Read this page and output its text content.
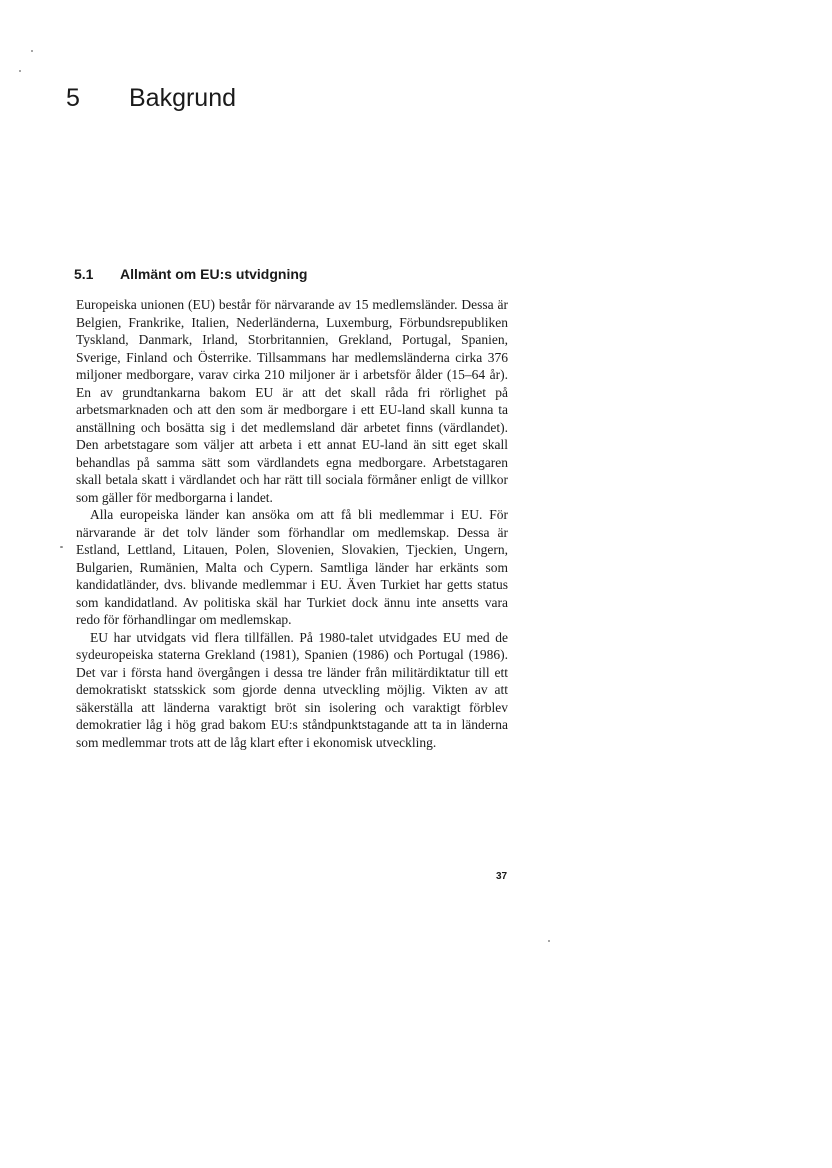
5 Bakgrund
5.1 Allmänt om EU:s utvidgning

Europeiska unionen (EU) består för närvarande av 15 medlemsländer. Dessa är Belgien, Frankrike, Italien, Nederländerna, Luxemburg, Förbundsrepubliken Tyskland, Danmark, Irland, Storbritannien, Grekland, Portugal, Spanien, Sverige, Finland och Österrike. Tillsammans har medlemsländerna cirka 376 miljoner medborgare, varav cirka 210 miljoner är i arbetsför ålder (15–64 år). En av grundtankarna bakom EU är att det skall råda fri rörlighet på arbetsmarknaden och att den som är medborgare i ett EU-land skall kunna ta anställning och bosätta sig i det medlemsland där arbetet finns (värdlandet). Den arbetstagare som väljer att arbeta i ett annat EU-land än sitt eget skall behandlas på samma sätt som värdlandets egna medborgare. Arbetstagaren skall betala skatt i värdlandet och har rätt till sociala förmåner enligt de villkor som gäller för medborgarna i landet.

Alla europeiska länder kan ansöka om att få bli medlemmar i EU. För närvarande är det tolv länder som förhandlar om medlemskap. Dessa är Estland, Lettland, Litauen, Polen, Slovenien, Slovakien, Tjeckien, Ungern, Bulgarien, Rumänien, Malta och Cypern. Samtliga länder har erkänts som kandidatländer, dvs. blivande medlemmar i EU. Även Turkiet har getts status som kandidatland. Av politiska skäl har Turkiet dock ännu inte ansetts vara redo för förhandlingar om medlemskap.

EU har utvidgats vid flera tillfällen. På 1980-talet utvidgades EU med de sydeuropeiska staterna Grekland (1981), Spanien (1986) och Portugal (1986). Det var i första hand övergången i dessa tre länder från militärdiktatur till ett demokratiskt statsskick som gjorde denna utveckling möjlig. Vikten av att säkerställa att länderna varaktigt bröt sin isolering och varaktigt förblev demokratier låg i hög grad bakom EU:s ståndpunktstagande att ta in länderna som medlemmar trots att de låg klart efter i ekonomisk utveckling.

37
